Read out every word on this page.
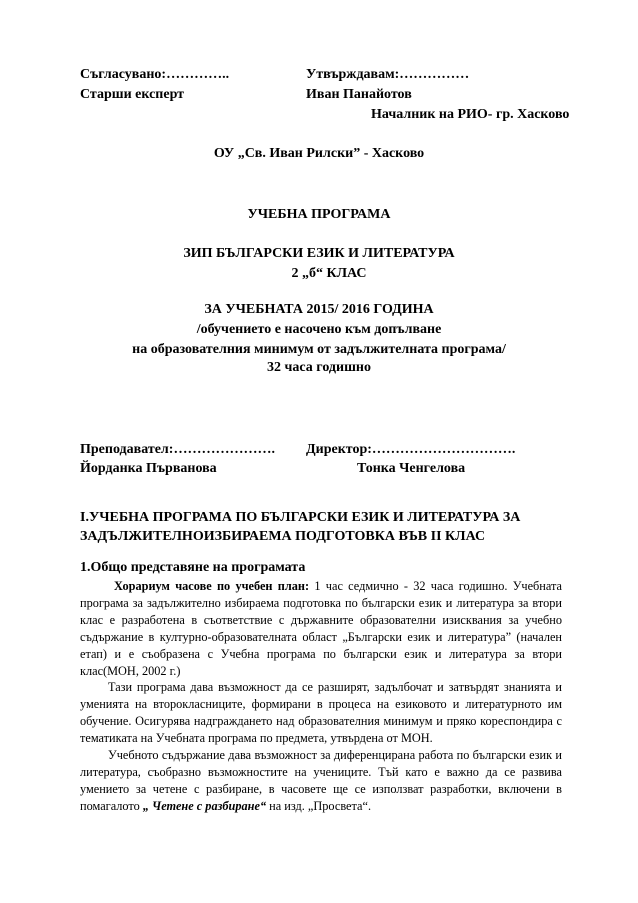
Съгласувано:…………..
Старши експерт
Утвърждавам:……………
Иван Панайотов
Началник на РИО- гр. Хасково
ОУ „Св. Иван Рилски” - Хасково
УЧЕБНА ПРОГРАМА
ЗИП БЪЛГАРСКИ ЕЗИК И ЛИТЕРАТУРА
2 „б“ КЛАС
ЗА УЧЕБНАТА 2015/ 2016 ГОДИНА
/обучението е насочено към допълване
на образователния минимум от задължителната програма/
32 часа годишно
Преподавател:………………….
Йорданка Първанова
Директор:………………………….
Тонка Ченгелова
I.УЧЕБНА ПРОГРАМА ПО БЪЛГАРСКИ ЕЗИК И ЛИТЕРАТУРА ЗА
ЗАДЪЛЖИТЕЛНОИЗБИРАЕМА ПОДГОТОВКА ВЪВ II КЛАС
1.Общо представяне на програмата

Хорариум часове по учебен план: 1 час седмично - 32 часа годишно. Учебната програма за задължително избираема подготовка по български език и литература за втори клас е разработена в съответствие с държавните образователни изисквания за учебно съдържание в културно-образователната област „Български език и литература” (начален етап) и е съобразена с Учебна програма по български език и литература за втори клас(МОН, 2002 г.)

Тази програма дава възможност да се разширят, задълбочат и затвърдят знанията и уменията на второкласниците, формирани в процеса на езиковото и литературното им обучение. Осигурява надграждането над образователния минимум и пряко кореспондира с тематиката на Учебната програма по предмета, утвърдена от МОН.

Учебното съдържание дава възможност за диференцирана работа по български език и литература, съобразно възможностите на учениците. Тъй като е важно да се развива умението за четене с разбиране, в часовете ще се използват разработки, включени в помагалото „ Четене с разбиране“ на изд. „Просвета“.
